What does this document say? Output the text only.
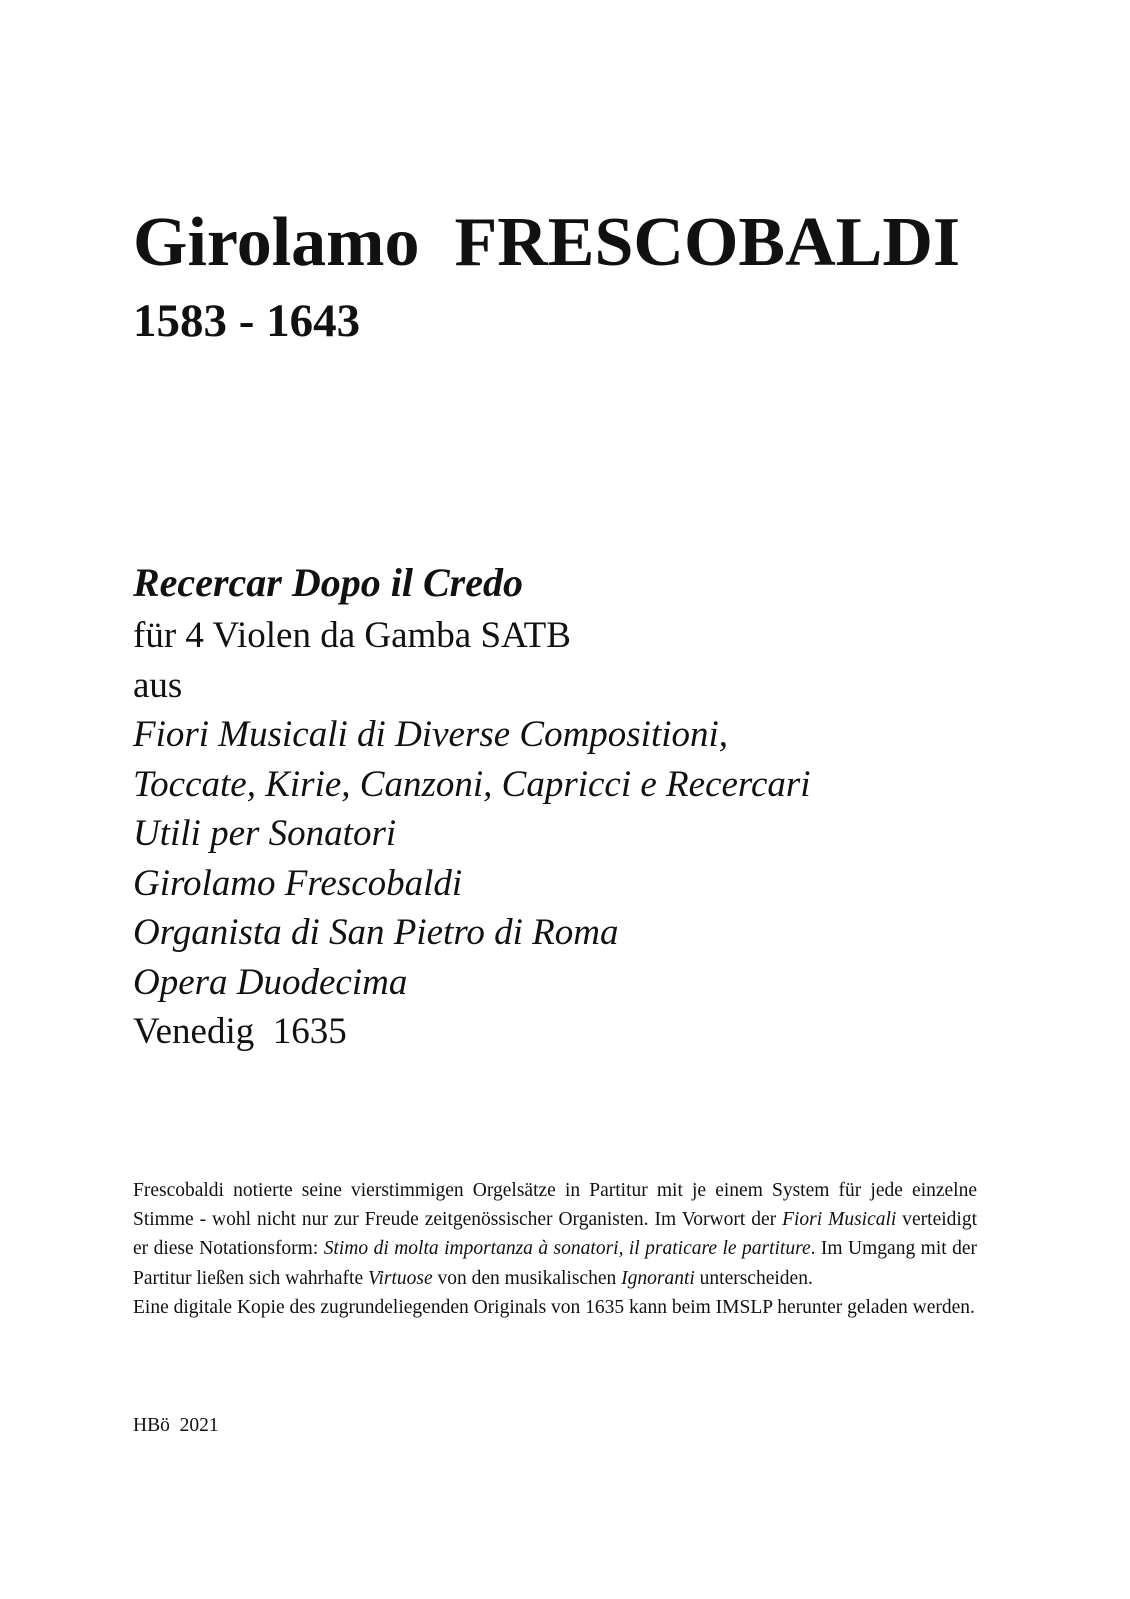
Girolamo  FRESCOBALDI
1583 - 1643

Recercar Dopo il Credo

für 4 Violen da Gamba SATB

aus

Fiori Musicali di Diverse Compositioni,

Toccate, Kirie, Canzoni, Capricci e Recercari

Utili per Sonatori

Girolamo Frescobaldi

Organista di San Pietro di Roma

Opera Duodecima

Venedig  1635

Frescobaldi notierte seine vierstimmigen Orgelsätze in Partitur mit je einem System für jede einzelne Stimme - wohl nicht nur zur Freude zeitgenössischer Organisten. Im Vorwort der Fiori Musicali verteidigt er diese Notationsform: Stimo di molta importanza à sonatori, il praticare le partiture. Im Umgang mit der Partitur ließen sich wahrhafte Virtuose von den musikalischen Ignoranti unterscheiden.

Eine digitale Kopie des zugrundeliegenden Originals von 1635 kann beim IMSLP herunter geladen werden.

HBö  2021
